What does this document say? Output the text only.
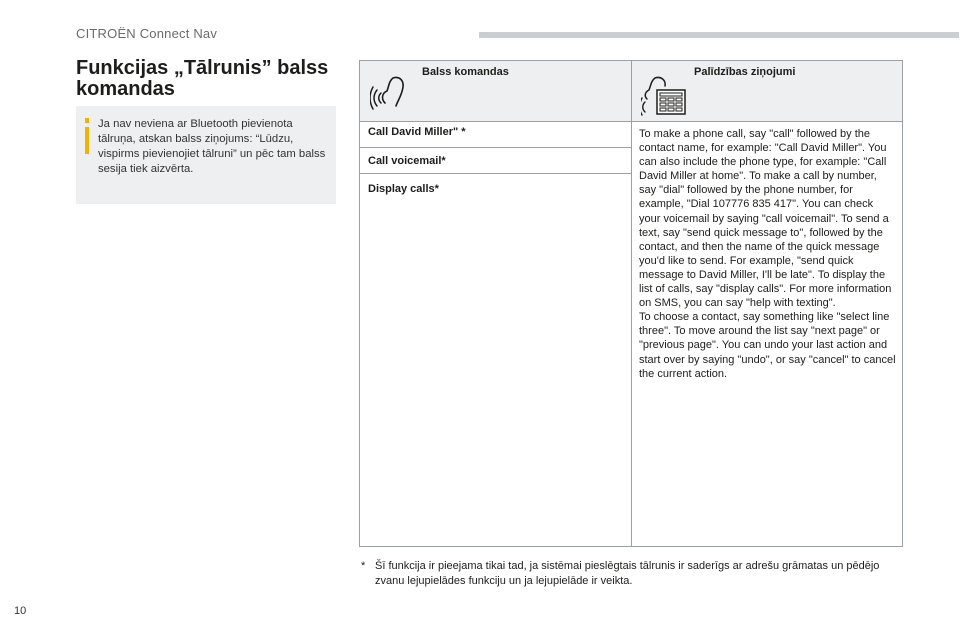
CITROËN Connect Nav
Funkcijas „Tālrunis” balss komandas
Ja nav neviena ar Bluetooth pievienota tālruņa, atskan balss ziņojums: “Lūdzu, vispirms pievienojiet tālruni” un pēc tam balss sesija tiek aizvērta.
Balss komandas	Palīdzības ziņojumi
Call David Miller" *
Call voicemail*
Display calls*
To make a phone call, say "call" followed by the contact name, for example: "Call David Miller". You can also include the phone type, for example: "Call David Miller at home". To make a call by number, say "dial" followed by the phone number, for example, "Dial 107776 835 417". You can check your voicemail by saying "call voicemail". To send a text, say "send quick message to", followed by the contact, and then the name of the quick message you'd like to send. For example, "send quick message to David Miller, I'll be late". To display the list of calls, say "display calls". For more information on SMS, you can say "help with texting".
To choose a contact, say something like "select line three". To move around the list say "next page" or "previous page". You can undo your last action and start over by saying "undo", or say "cancel" to cancel the current action.
* Šī funkcija ir pieejama tikai tad, ja sistēmai pieslēgtais tālrunis ir saderīgs ar adrešu grāmatas un pēdējo zvanu lejupielādes funkciju un ja lejupielāde ir veikta.
10
